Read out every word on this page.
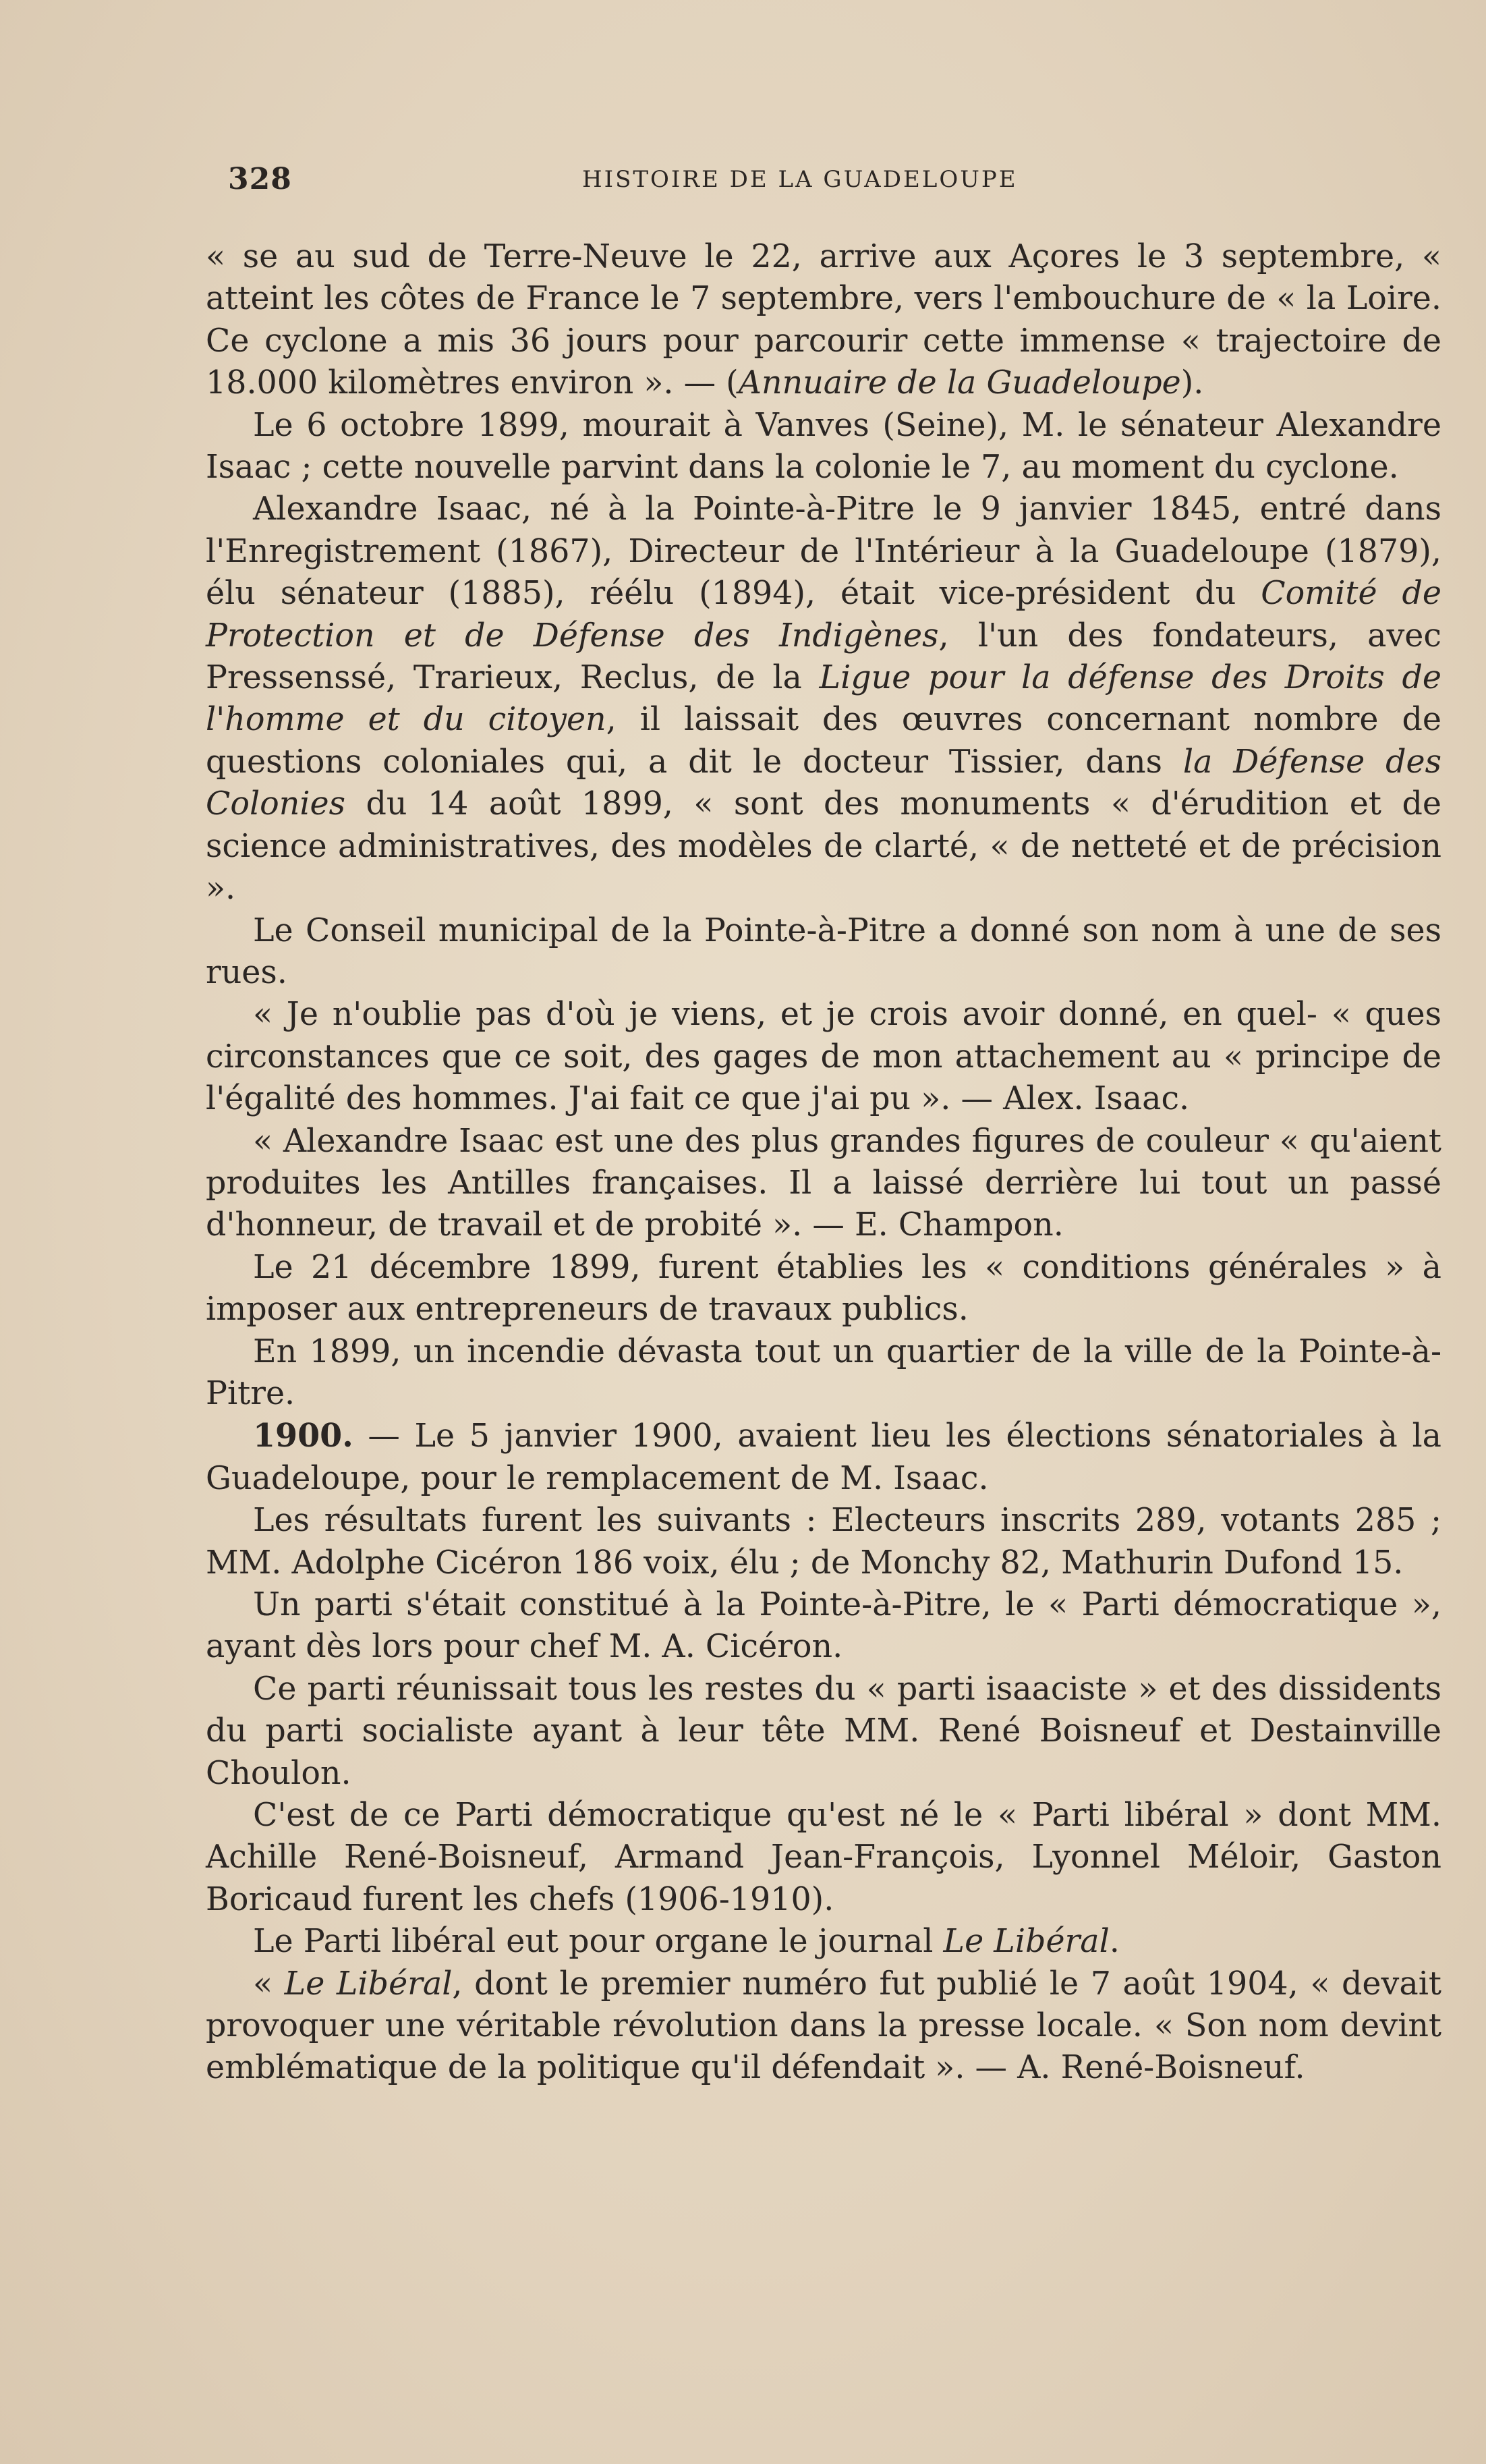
328	HISTOIRE DE LA GUADELOUPE

« se au sud de Terre-Neuve le 22, arrive aux Açores le 3 septembre, « atteint les côtes de France le 7 septembre, vers l'embouchure de « la Loire. Ce cyclone a mis 36 jours pour parcourir cette immense « trajectoire de 18.000 kilomètres environ ». — (Annuaire de la Guadeloupe).

Le 6 octobre 1899, mourait à Vanves (Seine), M. le sénateur Alexandre Isaac ; cette nouvelle parvint dans la colonie le 7, au moment du cyclone.

Alexandre Isaac, né à la Pointe-à-Pitre le 9 janvier 1845, entré dans l'Enregistrement (1867), Directeur de l'Intérieur à la Guadeloupe (1879), élu sénateur (1885), réélu (1894), était vice-président du Comité de Protection et de Défense des Indigènes, l'un des fondateurs, avec Pressenssé, Trarieux, Reclus, de la Ligue pour la défense des Droits de l'homme et du citoyen, il laissait des œuvres concernant nombre de questions coloniales qui, a dit le docteur Tissier, dans la Défense des Colonies du 14 août 1899, « sont des monuments « d'érudition et de science administratives, des modèles de clarté, « de netteté et de précision ».

Le Conseil municipal de la Pointe-à-Pitre a donné son nom à une de ses rues.

« Je n'oublie pas d'où je viens, et je crois avoir donné, en quel- « ques circonstances que ce soit, des gages de mon attachement au « principe de l'égalité des hommes. J'ai fait ce que j'ai pu ». — Alex. Isaac.

« Alexandre Isaac est une des plus grandes figures de couleur « qu'aient produites les Antilles françaises. Il a laissé derrière lui tout un passé d'honneur, de travail et de probité ». — E. Champon.

Le 21 décembre 1899, furent établies les « conditions générales » à imposer aux entrepreneurs de travaux publics.

En 1899, un incendie dévasta tout un quartier de la ville de la Pointe-à-Pitre.

1900. — Le 5 janvier 1900, avaient lieu les élections sénatoriales à la Guadeloupe, pour le remplacement de M. Isaac.

Les résultats furent les suivants : Electeurs inscrits 289, votants 285 ; MM. Adolphe Cicéron 186 voix, élu ; de Monchy 82, Mathurin Dufond 15.

Un parti s'était constitué à la Pointe-à-Pitre, le « Parti démocratique », ayant dès lors pour chef M. A. Cicéron.

Ce parti réunissait tous les restes du « parti isaaciste » et des dissidents du parti socialiste ayant à leur tête MM. René Boisneuf et Destainville Choulon.

C'est de ce Parti démocratique qu'est né le « Parti libéral » dont MM. Achille René-Boisneuf, Armand Jean-François, Lyonnel Méloir, Gaston Boricaud furent les chefs (1906-1910).

Le Parti libéral eut pour organe le journal Le Libéral.

« Le Libéral, dont le premier numéro fut publié le 7 août 1904, « devait provoquer une véritable révolution dans la presse locale. « Son nom devint emblématique de la politique qu'il défendait ». — A. René-Boisneuf.
